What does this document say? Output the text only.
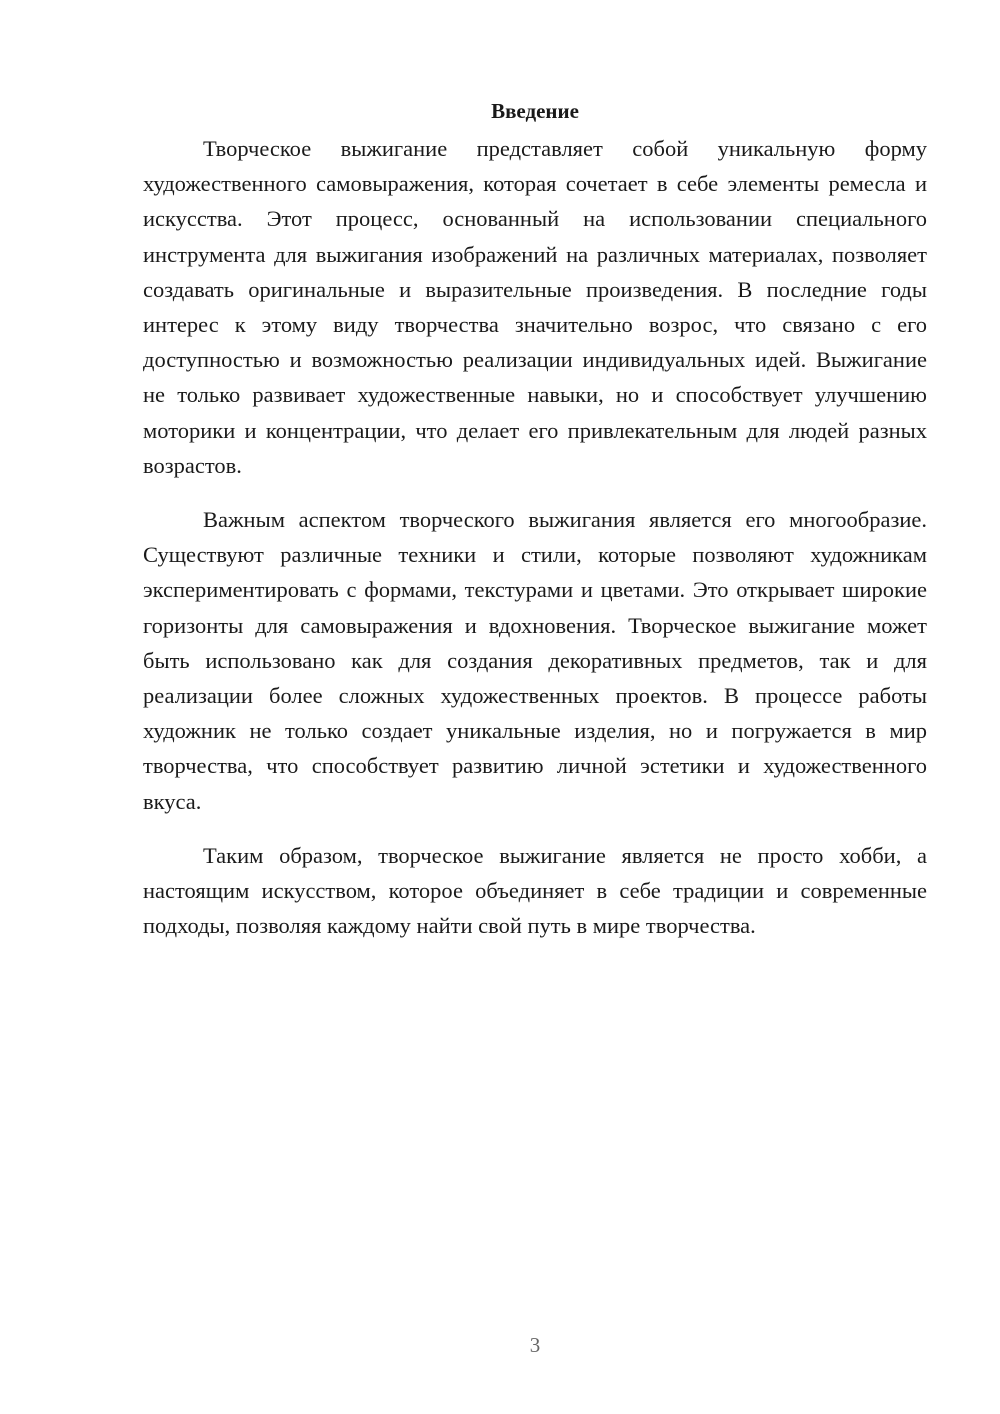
Введение

Творческое выжигание представляет собой уникальную форму художественного самовыражения, которая сочетает в себе элементы ремесла и искусства. Этот процесс, основанный на использовании специального инструмента для выжигания изображений на различных материалах, позволяет создавать оригинальные и выразительные произведения. В последние годы интерес к этому виду творчества значительно возрос, что связано с его доступностью и возможностью реализации индивидуальных идей. Выжигание не только развивает художественные навыки, но и способствует улучшению моторики и концентрации, что делает его привлекательным для людей разных возрастов.

Важным аспектом творческого выжигания является его многообразие. Существуют различные техники и стили, которые позволяют художникам экспериментировать с формами, текстурами и цветами. Это открывает широкие горизонты для самовыражения и вдохновения. Творческое выжигание может быть использовано как для создания декоративных предметов, так и для реализации более сложных художественных проектов. В процессе работы художник не только создает уникальные изделия, но и погружается в мир творчества, что способствует развитию личной эстетики и художественного вкуса.

Таким образом, творческое выжигание является не просто хобби, а настоящим искусством, которое объединяет в себе традиции и современные подходы, позволяя каждому найти свой путь в мире творчества.

3
